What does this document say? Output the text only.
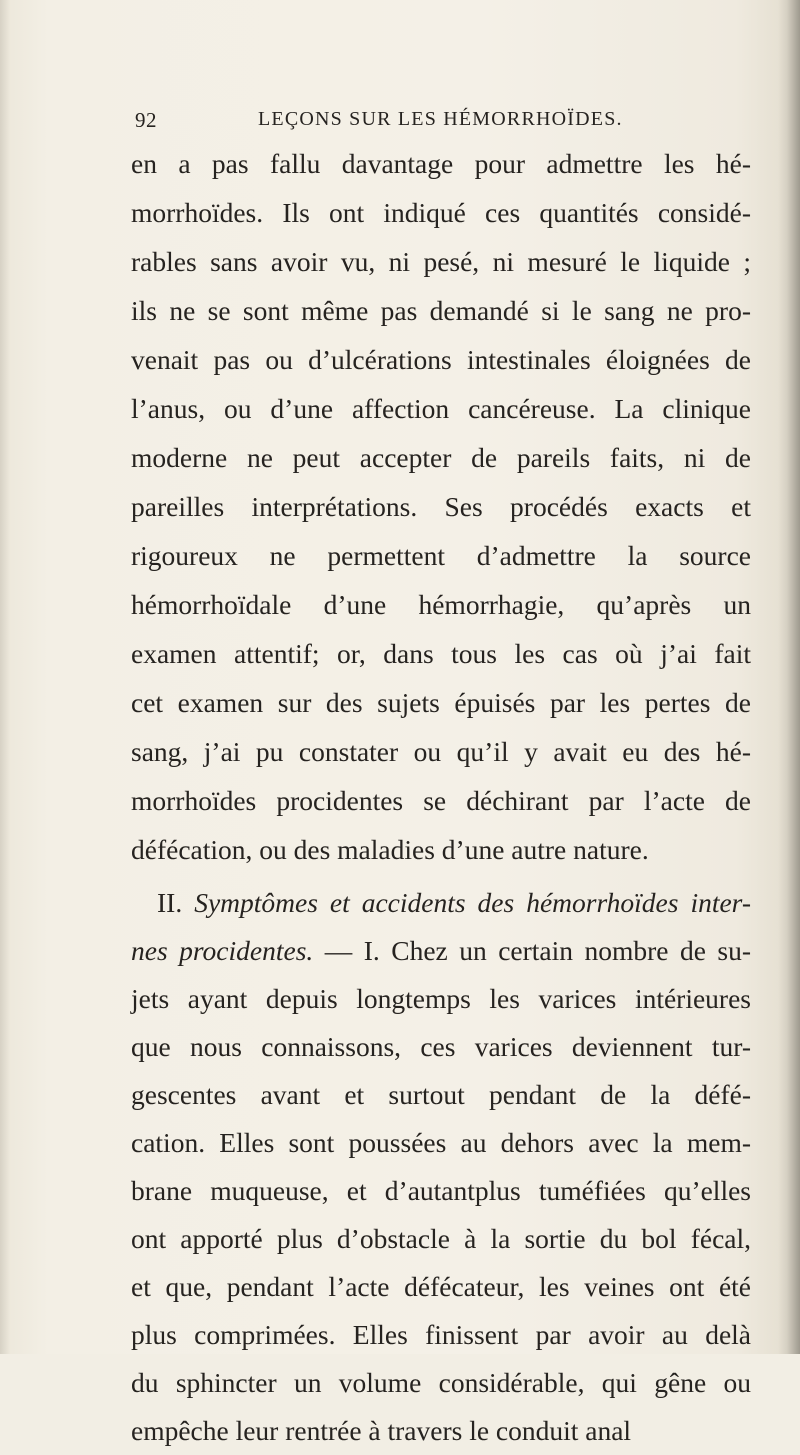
92	LEÇONS SUR LES HÉMORRHOÏDES.
en a pas fallu davantage pour admettre les hé-
morrhoïdes. Ils ont indiqué ces quantités considé-
rables sans avoir vu, ni pesé, ni mesuré le liquide ;
ils ne se sont même pas demandé si le sang ne pro-
venait pas ou d’ulcérations intestinales éloignées de
l’anus, ou d’une affection cancéreuse. La clinique
moderne ne peut accepter de pareils faits, ni de
pareilles interprétations. Ses procédés exacts et
rigoureux ne permettent d’admettre la source
hémorrhoïdale d’une hémorrhagie, qu’après un
examen attentif; or, dans tous les cas où j’ai fait
cet examen sur des sujets épuisés par les pertes de
sang, j’ai pu constater ou qu’il y avait eu des hé-
morrhoïdes procidentes se déchirant par l’acte de
défécation, ou des maladies d’une autre nature.
II. Symptômes et accidents des hémorrhoïdes inter-
nes procidentes. — I. Chez un certain nombre de su-
jets ayant depuis longtemps les varices intérieures
que nous connaissons, ces varices deviennent tur-
gescentes avant et surtout pendant de la défé-
cation. Elles sont poussées au dehors avec la mem-
brane muqueuse, et d’autantplus tuméfiées qu’elles
ont apporté plus d’obstacle à la sortie du bol fécal,
et que, pendant l’acte défécateur, les veines ont été
plus comprimées. Elles finissent par avoir au delà
du sphincter un volume considérable, qui gêne ou
empêche leur rentrée à travers le conduit anal
